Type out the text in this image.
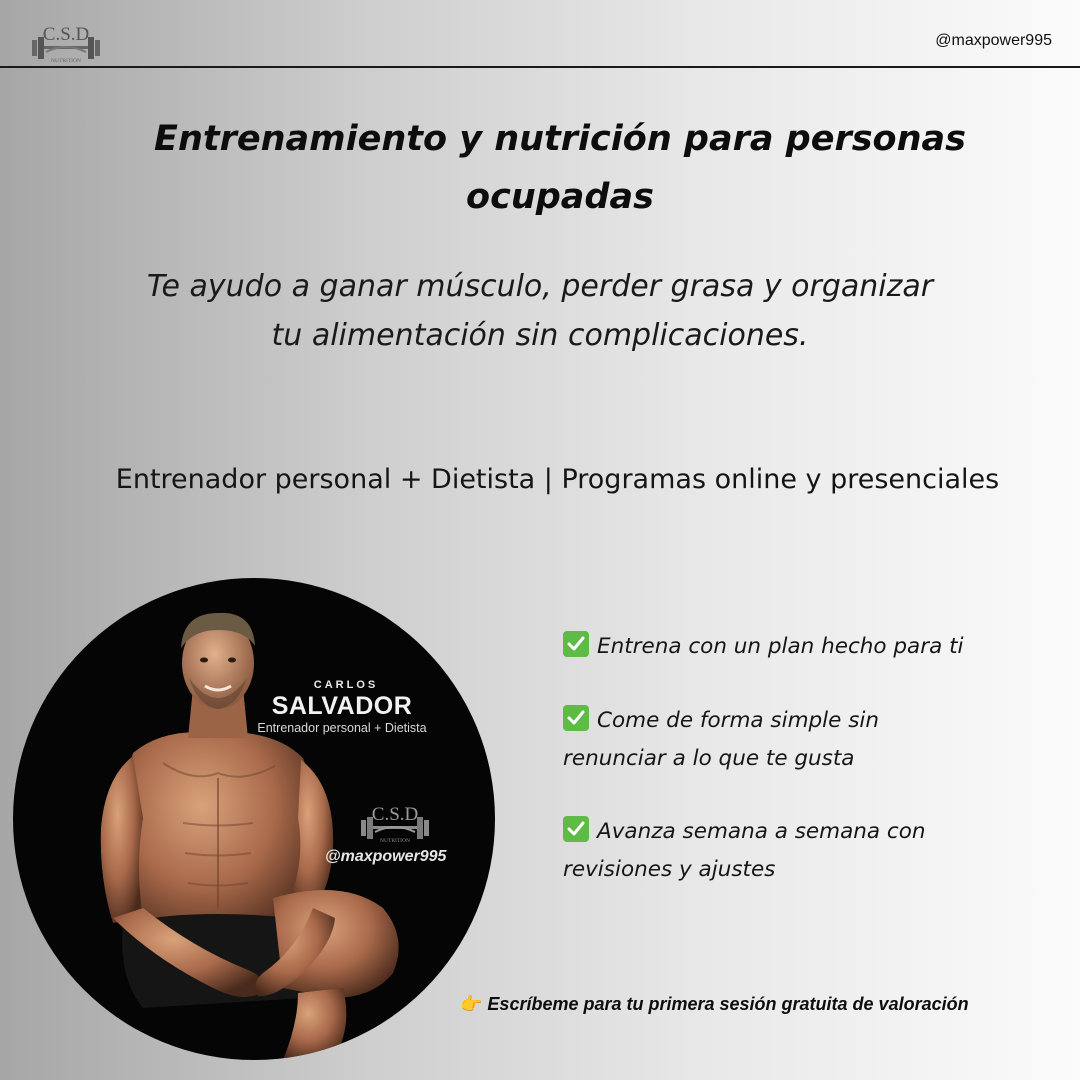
C.S.D
NUTRITION
@maxpower995
Entrenamiento y nutrición para personas
ocupadas
Te ayudo a ganar músculo, perder grasa y organizar
tu alimentación sin complicaciones.
Entrenador personal + Dietista | Programas online y presenciales
CARLOS
SALVADOR
Entrenador personal + Dietista
C.S.D
NUTRITION
@maxpower995
Entrena con un plan hecho para ti
Come de forma simple sin
renunciar a lo que te gusta
Avanza semana a semana con
revisiones y ajustes
👉 Escríbeme para tu primera sesión gratuita de valoración
